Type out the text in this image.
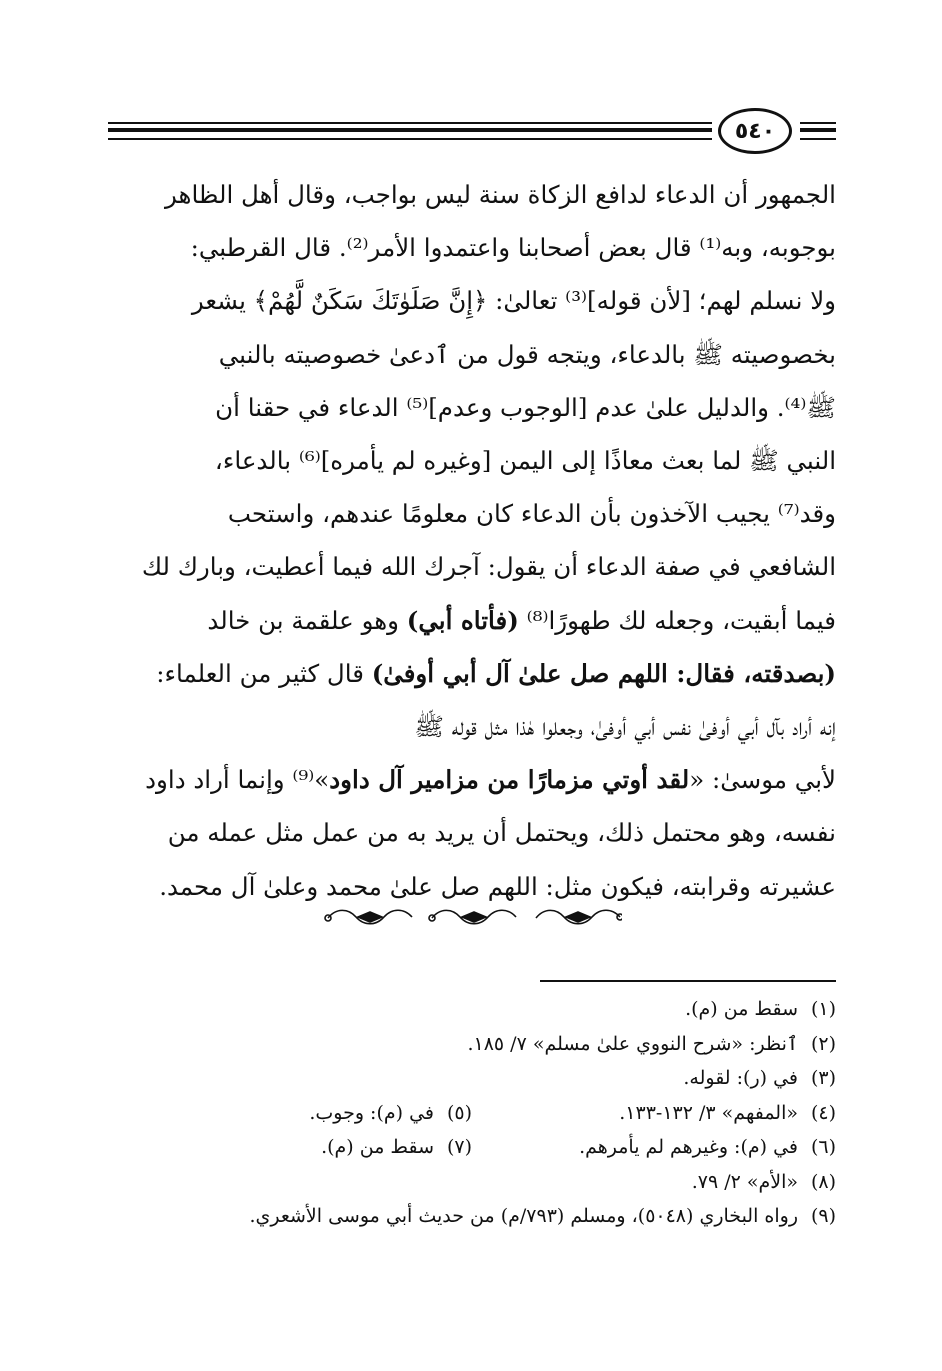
٥٤٠

الجمهور أن الدعاء لدافع الزكاة سنة ليس بواجب، وقال أهل الظاهر

بوجوبه، وبه⁽¹⁾ قال بعض أصحابنا واعتمدوا الأمر⁽²⁾. قال القرطبي:

ولا نسلم لهم؛ [لأن قوله]⁽³⁾ تعالىٰ: ﴿إِنَّ صَلَوٰتَكَ سَكَنٌ لَّهُمْ﴾ يشعر

بخصوصيته ﷺ بالدعاء، ويتجه قول من ٱدعىٰ خصوصيته بالنبي

ﷺ⁽⁴⁾. والدليل علىٰ عدم [الوجوب وعدم]⁽⁵⁾ الدعاء في حقنا أن

النبي ﷺ لما بعث معاذًا إلى اليمن [وغيره لم يأمره]⁽⁶⁾ بالدعاء،

وقد⁽⁷⁾ يجيب الآخذون بأن الدعاء كان معلومًا عندهم، واستحب

الشافعي في صفة الدعاء أن يقول: آجرك الله فيما أعطيت، وبارك لك

فيما أبقيت، وجعله لك طهورًا⁽⁸⁾ (فأتاه أبي) وهو علقمة بن خالد

(بصدقته، فقال: اللهم صل علىٰ آل أبي أوفىٰ) قال كثير من العلماء:

إنه أراد بآل أبي أوفىٰ نفس أبي أوفىٰ، وجعلوا هٰذا مثل قوله ﷺ

لأبي موسىٰ: «لقد أوتي مزمارًا من مزامير آل داود»⁽⁹⁾ وإنما أراد داود

نفسه، وهو محتمل ذلك، ويحتمل أن يريد به من عمل مثل عمله من

عشيرته وقرابته، فيكون مثل: اللهم صل علىٰ محمد وعلىٰ آل محمد.

(١)
سقط من (م).
(٢)
ٱنظر: «شرح النووي علىٰ مسلم» ٧/ ١٨٥.
(٣)
في (ر): لقوله.
(٤)
«المفهم» ٣/ ١٣٢-١٣٣.
(٥)
في (م): وجوب.
(٦)
في (م): وغيرهم لم يأمرهم.
(٧)
سقط من (م).
(٨)
«الأم» ٢/ ٧٩.
(٩)
رواه البخاري (٥٠٤٨)، ومسلم (٧٩٣/م) من حديث أبي موسى الأشعري.
